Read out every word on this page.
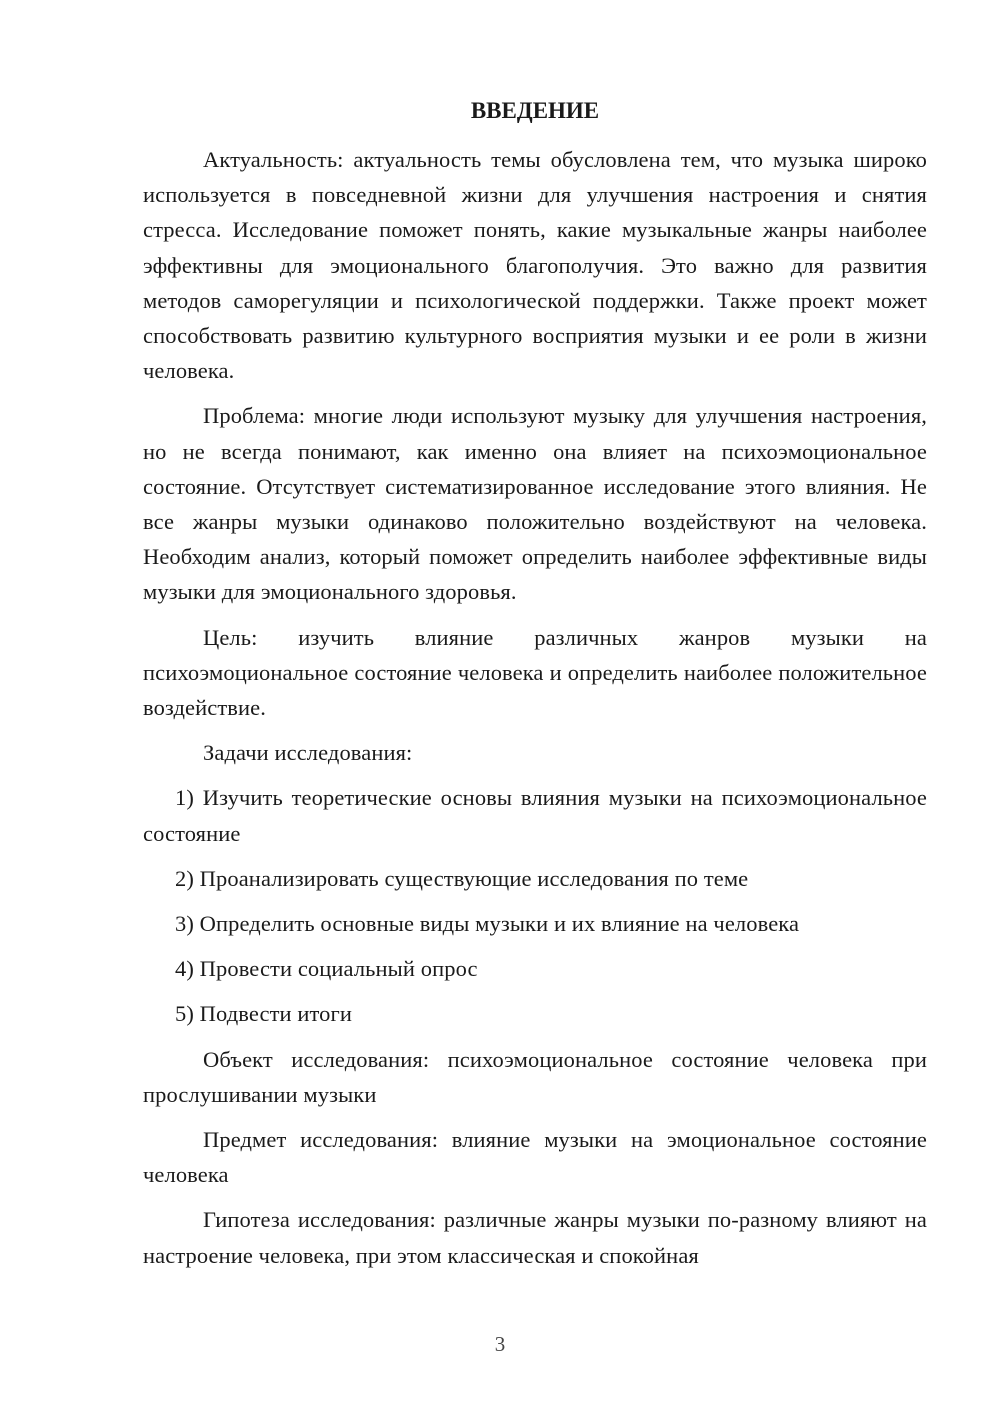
ВВЕДЕНИЕ

Актуальность: актуальность темы обусловлена тем, что музыка широко используется в повседневной жизни для улучшения настроения и снятия стресса. Исследование поможет понять, какие музыкальные жанры наиболее эффективны для эмоционального благополучия. Это важно для развития методов саморегуляции и психологической поддержки. Также проект может способствовать развитию культурного восприятия музыки и ее роли в жизни человека.

Проблема: многие люди используют музыку для улучшения настроения, но не всегда понимают, как именно она влияет на психоэмоциональное состояние. Отсутствует систематизированное исследование этого влияния. Не все жанры музыки одинаково положительно воздействуют на человека. Необходим анализ, который поможет определить наиболее эффективные виды музыки для эмоционального здоровья.

Цель: изучить влияние различных жанров музыки на психоэмоциональное состояние человека и определить наиболее положительное воздействие.

Задачи исследования:

1) Изучить теоретические основы влияния музыки на психоэмоциональное состояние

2) Проанализировать существующие исследования по теме

3) Определить основные виды музыки и их влияние на человека

4) Провести социальный опрос

5) Подвести итоги

Объект исследования: психоэмоциональное состояние человека при прослушивании музыки

Предмет исследования: влияние музыки на эмоциональное состояние человека

Гипотеза исследования: различные жанры музыки по-разному влияют на настроение человека, при этом классическая и спокойная

3
